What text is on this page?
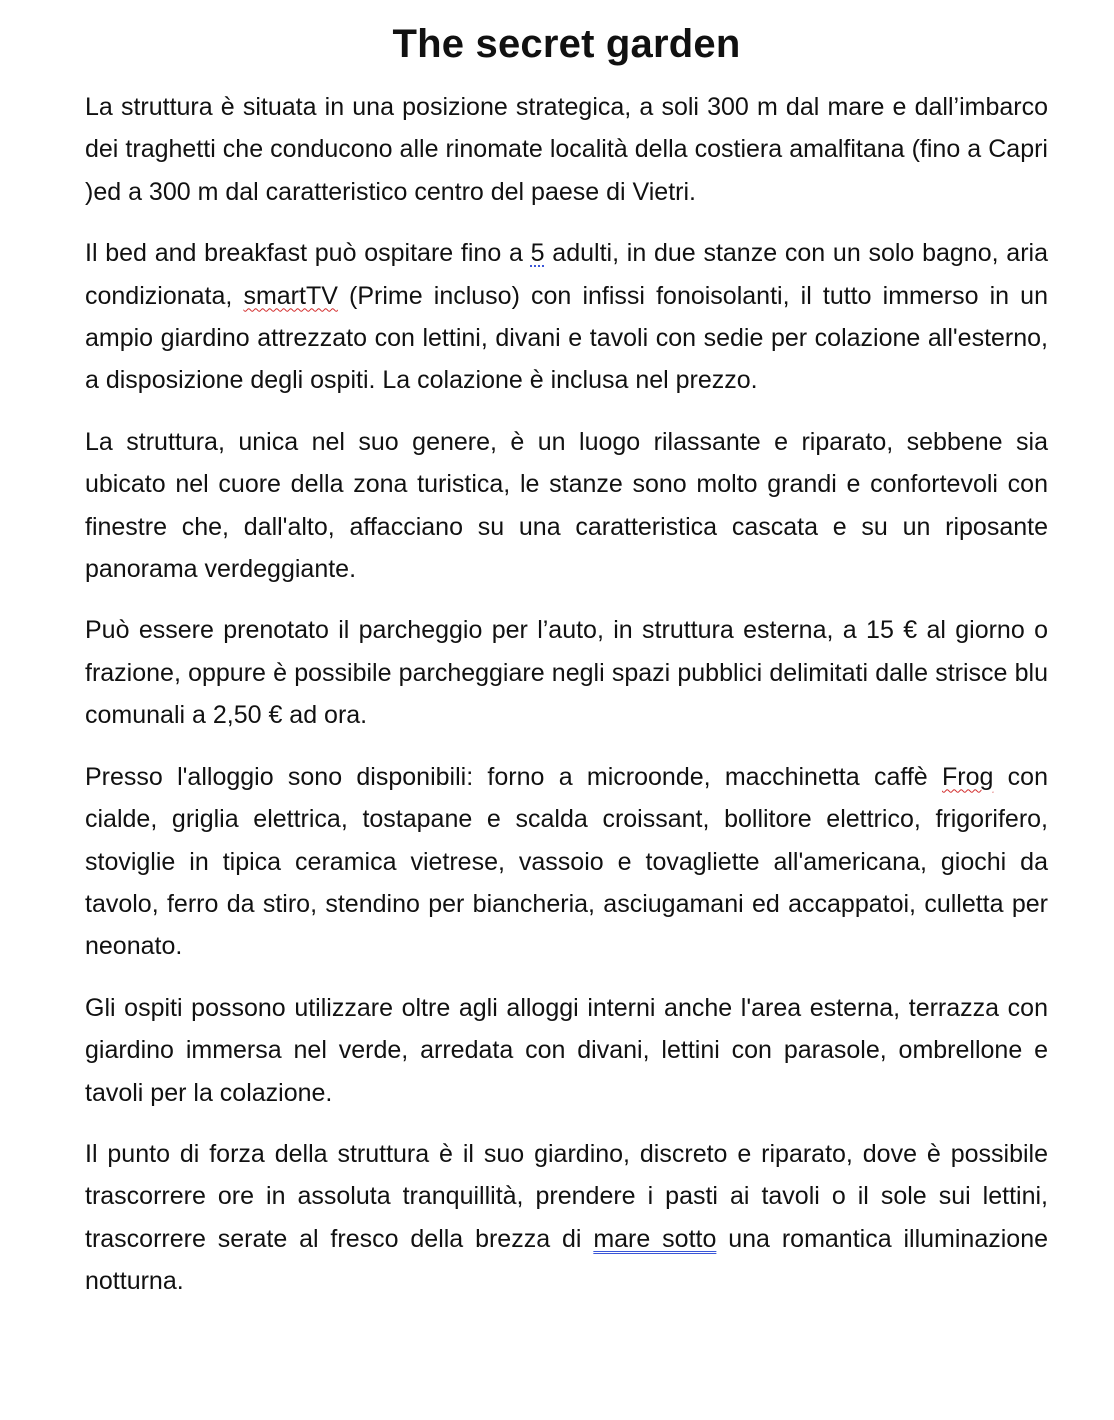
The secret garden

La struttura è situata in una posizione strategica, a soli 300 m dal mare e dall’imbarco dei traghetti che conducono alle rinomate località della costiera amalfitana (fino a Capri )ed a 300 m dal caratteristico centro del paese di Vietri.

Il bed and breakfast può ospitare fino a 5 adulti, in due stanze con un solo bagno, aria condizionata, smartTV (Prime incluso) con infissi fonoisolanti, il tutto immerso in un ampio giardino attrezzato con lettini, divani e tavoli con sedie per colazione all'esterno, a disposizione degli ospiti. La colazione è inclusa nel prezzo.

La struttura, unica nel suo genere, è un luogo rilassante e riparato, sebbene sia ubicato nel cuore della zona turistica, le stanze sono molto grandi e confortevoli con finestre che, dall'alto, affacciano su una caratteristica cascata e su un riposante panorama verdeggiante.

Può essere prenotato il parcheggio per l’auto, in struttura esterna, a 15 € al giorno o frazione, oppure è possibile parcheggiare negli spazi pubblici delimitati dalle strisce blu comunali a 2,50 € ad ora.

Presso l'alloggio sono disponibili: forno a microonde, macchinetta caffè Frog con cialde, griglia elettrica, tostapane e scalda croissant, bollitore elettrico, frigorifero, stoviglie in tipica ceramica vietrese, vassoio e tovagliette all'americana, giochi da tavolo, ferro da stiro, stendino per biancheria, asciugamani ed accappatoi, culletta per neonato.

Gli ospiti possono utilizzare oltre agli alloggi interni anche l'area esterna, terrazza con giardino immersa nel verde, arredata con divani, lettini con parasole, ombrellone e tavoli per la colazione.

Il punto di forza della struttura è il suo giardino, discreto e riparato, dove è possibile trascorrere ore in assoluta tranquillità, prendere i pasti ai tavoli o il sole sui lettini, trascorrere serate al fresco della brezza di mare sotto una romantica illuminazione notturna.
